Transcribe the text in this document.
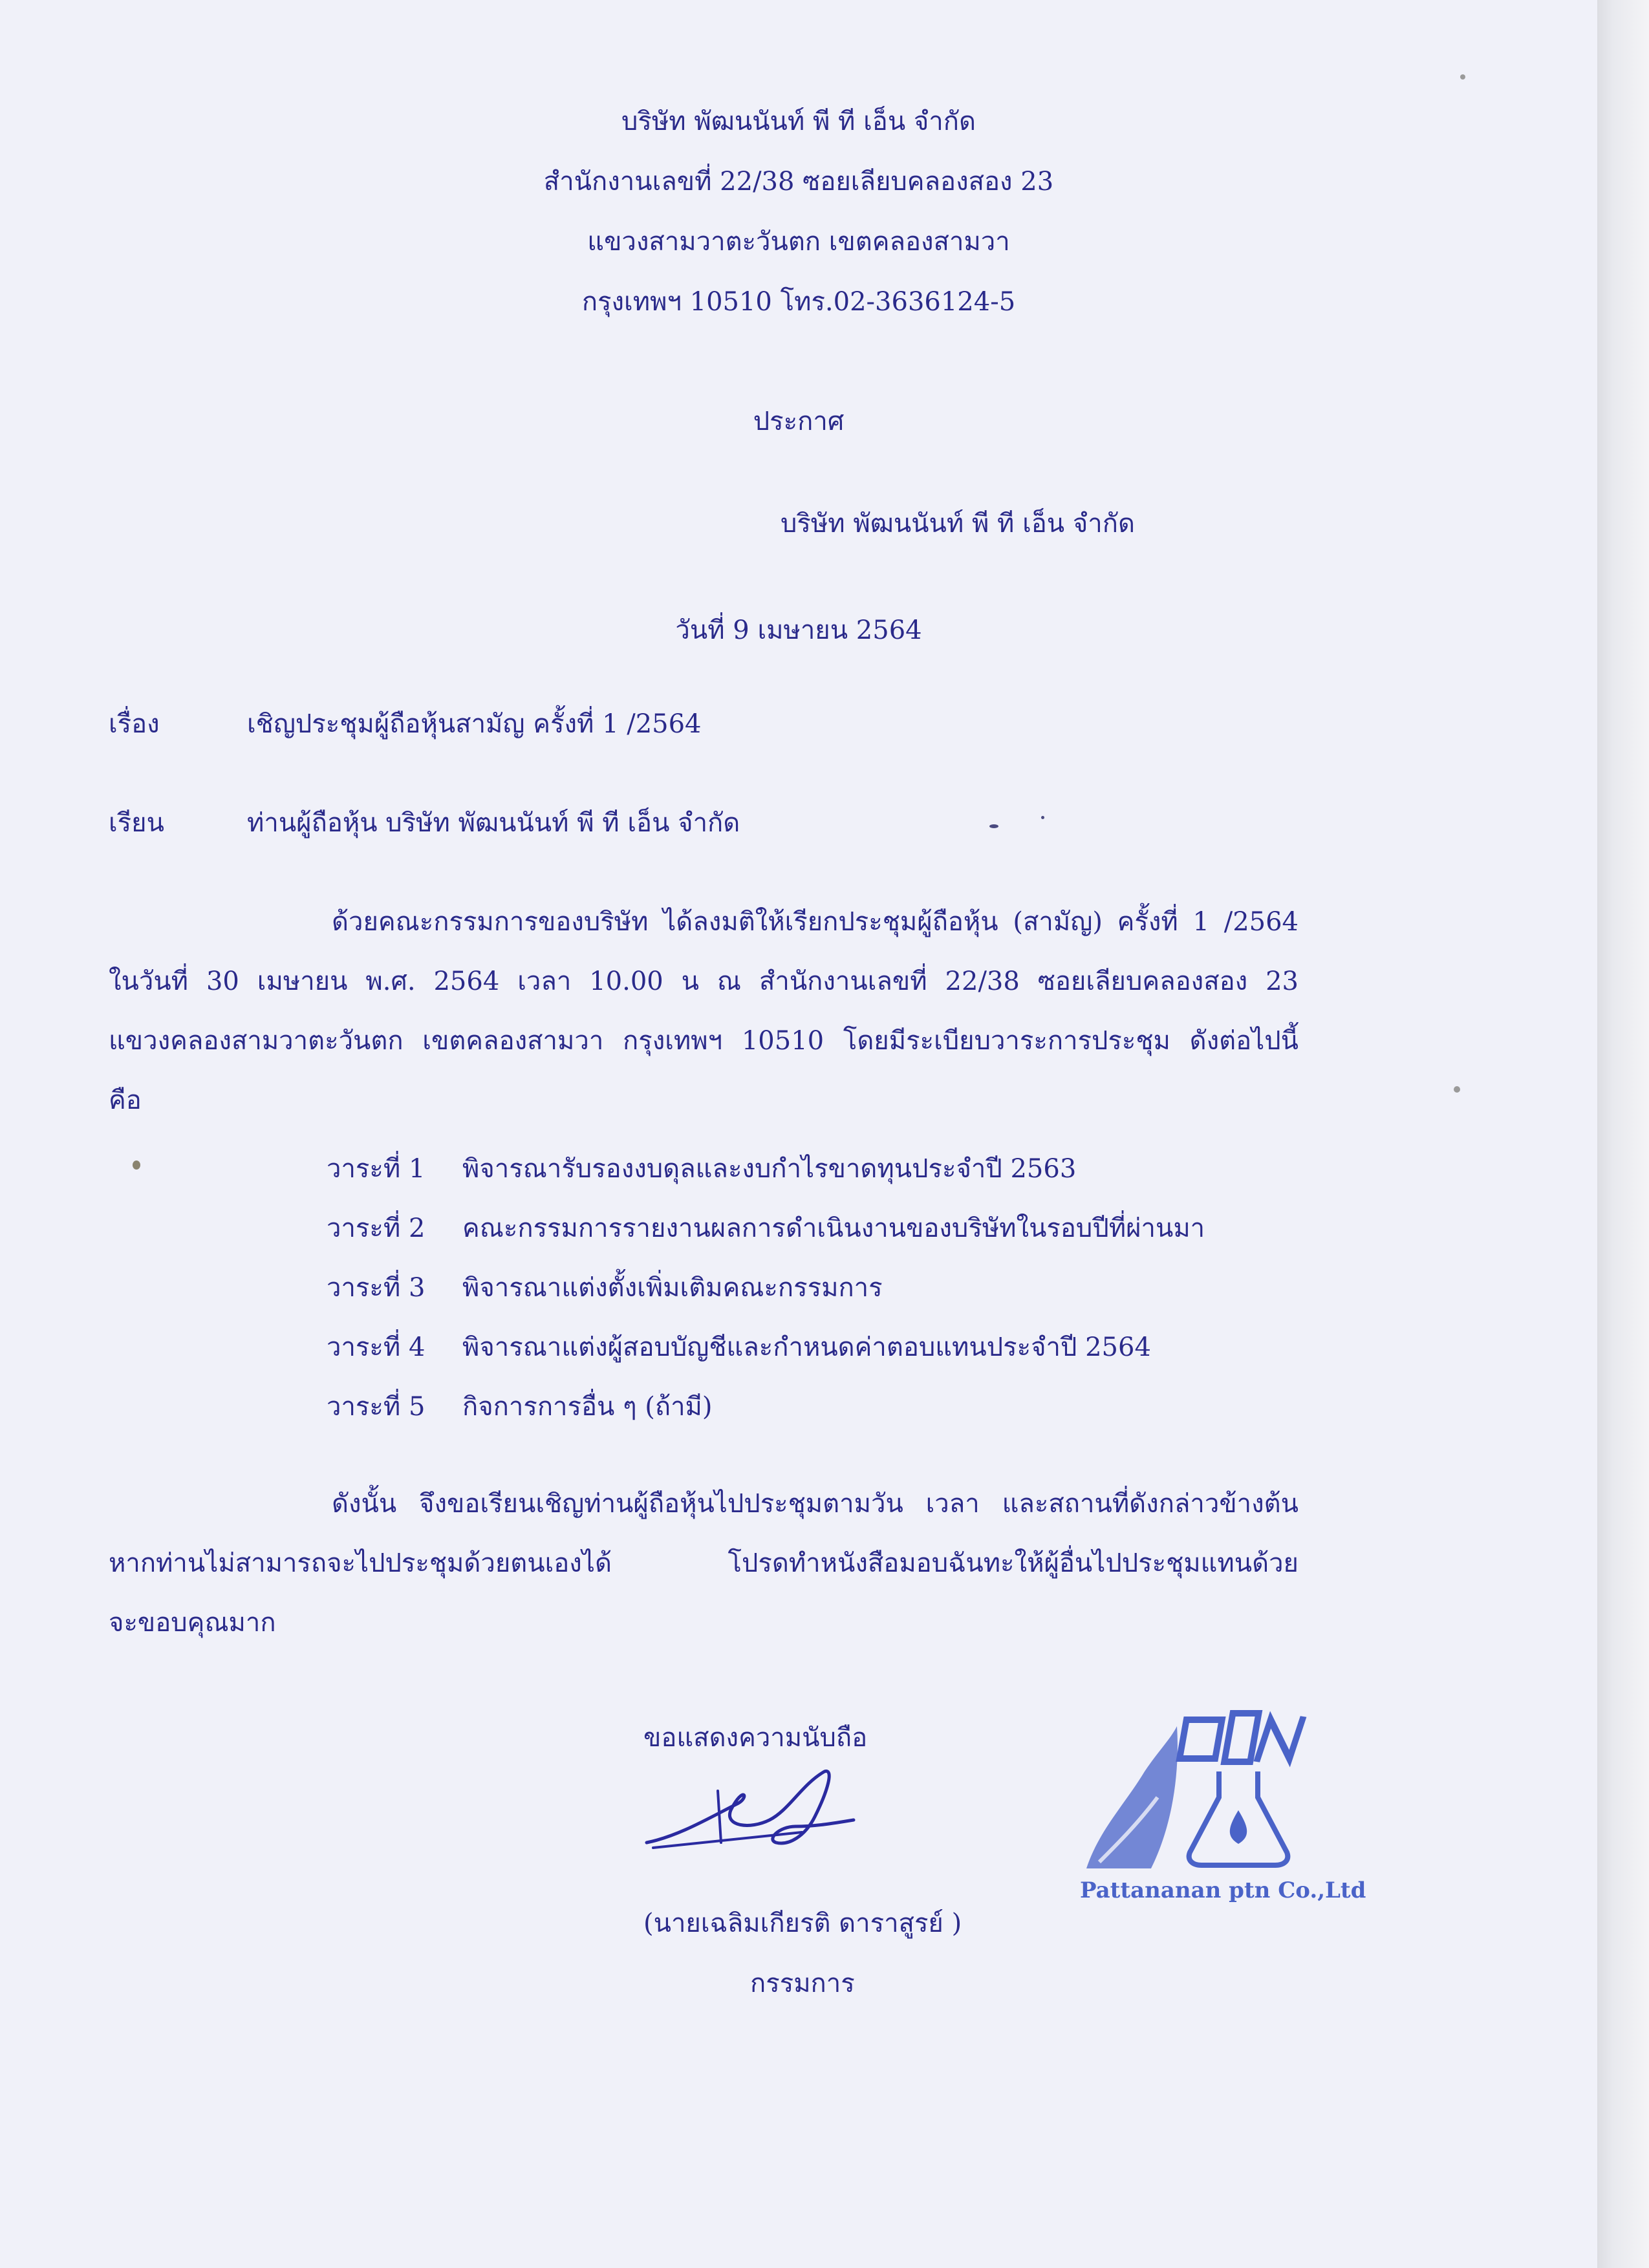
บริษัท พัฒนนันท์ พี ที เอ็น จำกัด
สำนักงานเลขที่ 22/38 ซอยเลียบคลองสอง 23
แขวงสามวาตะวันตก เขตคลองสามวา
กรุงเทพฯ 10510 โทร.02-3636124-5
ประกาศ
บริษัท พัฒนนันท์ พี ที เอ็น จำกัด
วันที่ 9 เมษายน 2564
เรื่อง	เชิญประชุมผู้ถือหุ้นสามัญ ครั้งที่ 1 /2564
เรียน	ท่านผู้ถือหุ้น บริษัท พัฒนนันท์ พี ที เอ็น จำกัด
ด้วยคณะกรรมการของบริษัท ได้ลงมติให้เรียกประชุมผู้ถือหุ้น (สามัญ) ครั้งที่ 1 /2564
ในวันที่ 30 เมษายน พ.ศ. 2564 เวลา 10.00 น ณ สำนักงานเลขที่ 22/38 ซอยเลียบคลองสอง 23
แขวงคลองสามวาตะวันตก เขตคลองสามวา กรุงเทพฯ 10510 โดยมีระเบียบวาระการประชุม ดังต่อไปนี้
คือ
วาระที่ 1 พิจารณารับรองงบดุลและงบกำไรขาดทุนประจำปี 2563
วาระที่ 2 คณะกรรมการรายงานผลการดำเนินงานของบริษัทในรอบปีที่ผ่านมา
วาระที่ 3 พิจารณาแต่งตั้งเพิ่มเติมคณะกรรมการ
วาระที่ 4 พิจารณาแต่งผู้สอบบัญชีและกำหนดค่าตอบแทนประจำปี 2564
วาระที่ 5 กิจการการอื่น ๆ (ถ้ามี)
ดังนั้น จึงขอเรียนเชิญท่านผู้ถือหุ้นไปประชุมตามวัน เวลา และสถานที่ดังกล่าวข้างต้น
หากท่านไม่สามารถจะไปประชุมด้วยตนเองได้ โปรดทำหนังสือมอบฉันทะให้ผู้อื่นไปประชุมแทนด้วย
จะขอบคุณมาก
ขอแสดงความนับถือ
(นายเฉลิมเกียรติ ดาราสูรย์ )
กรรมการ
Pattananan ptn Co.,Ltd
